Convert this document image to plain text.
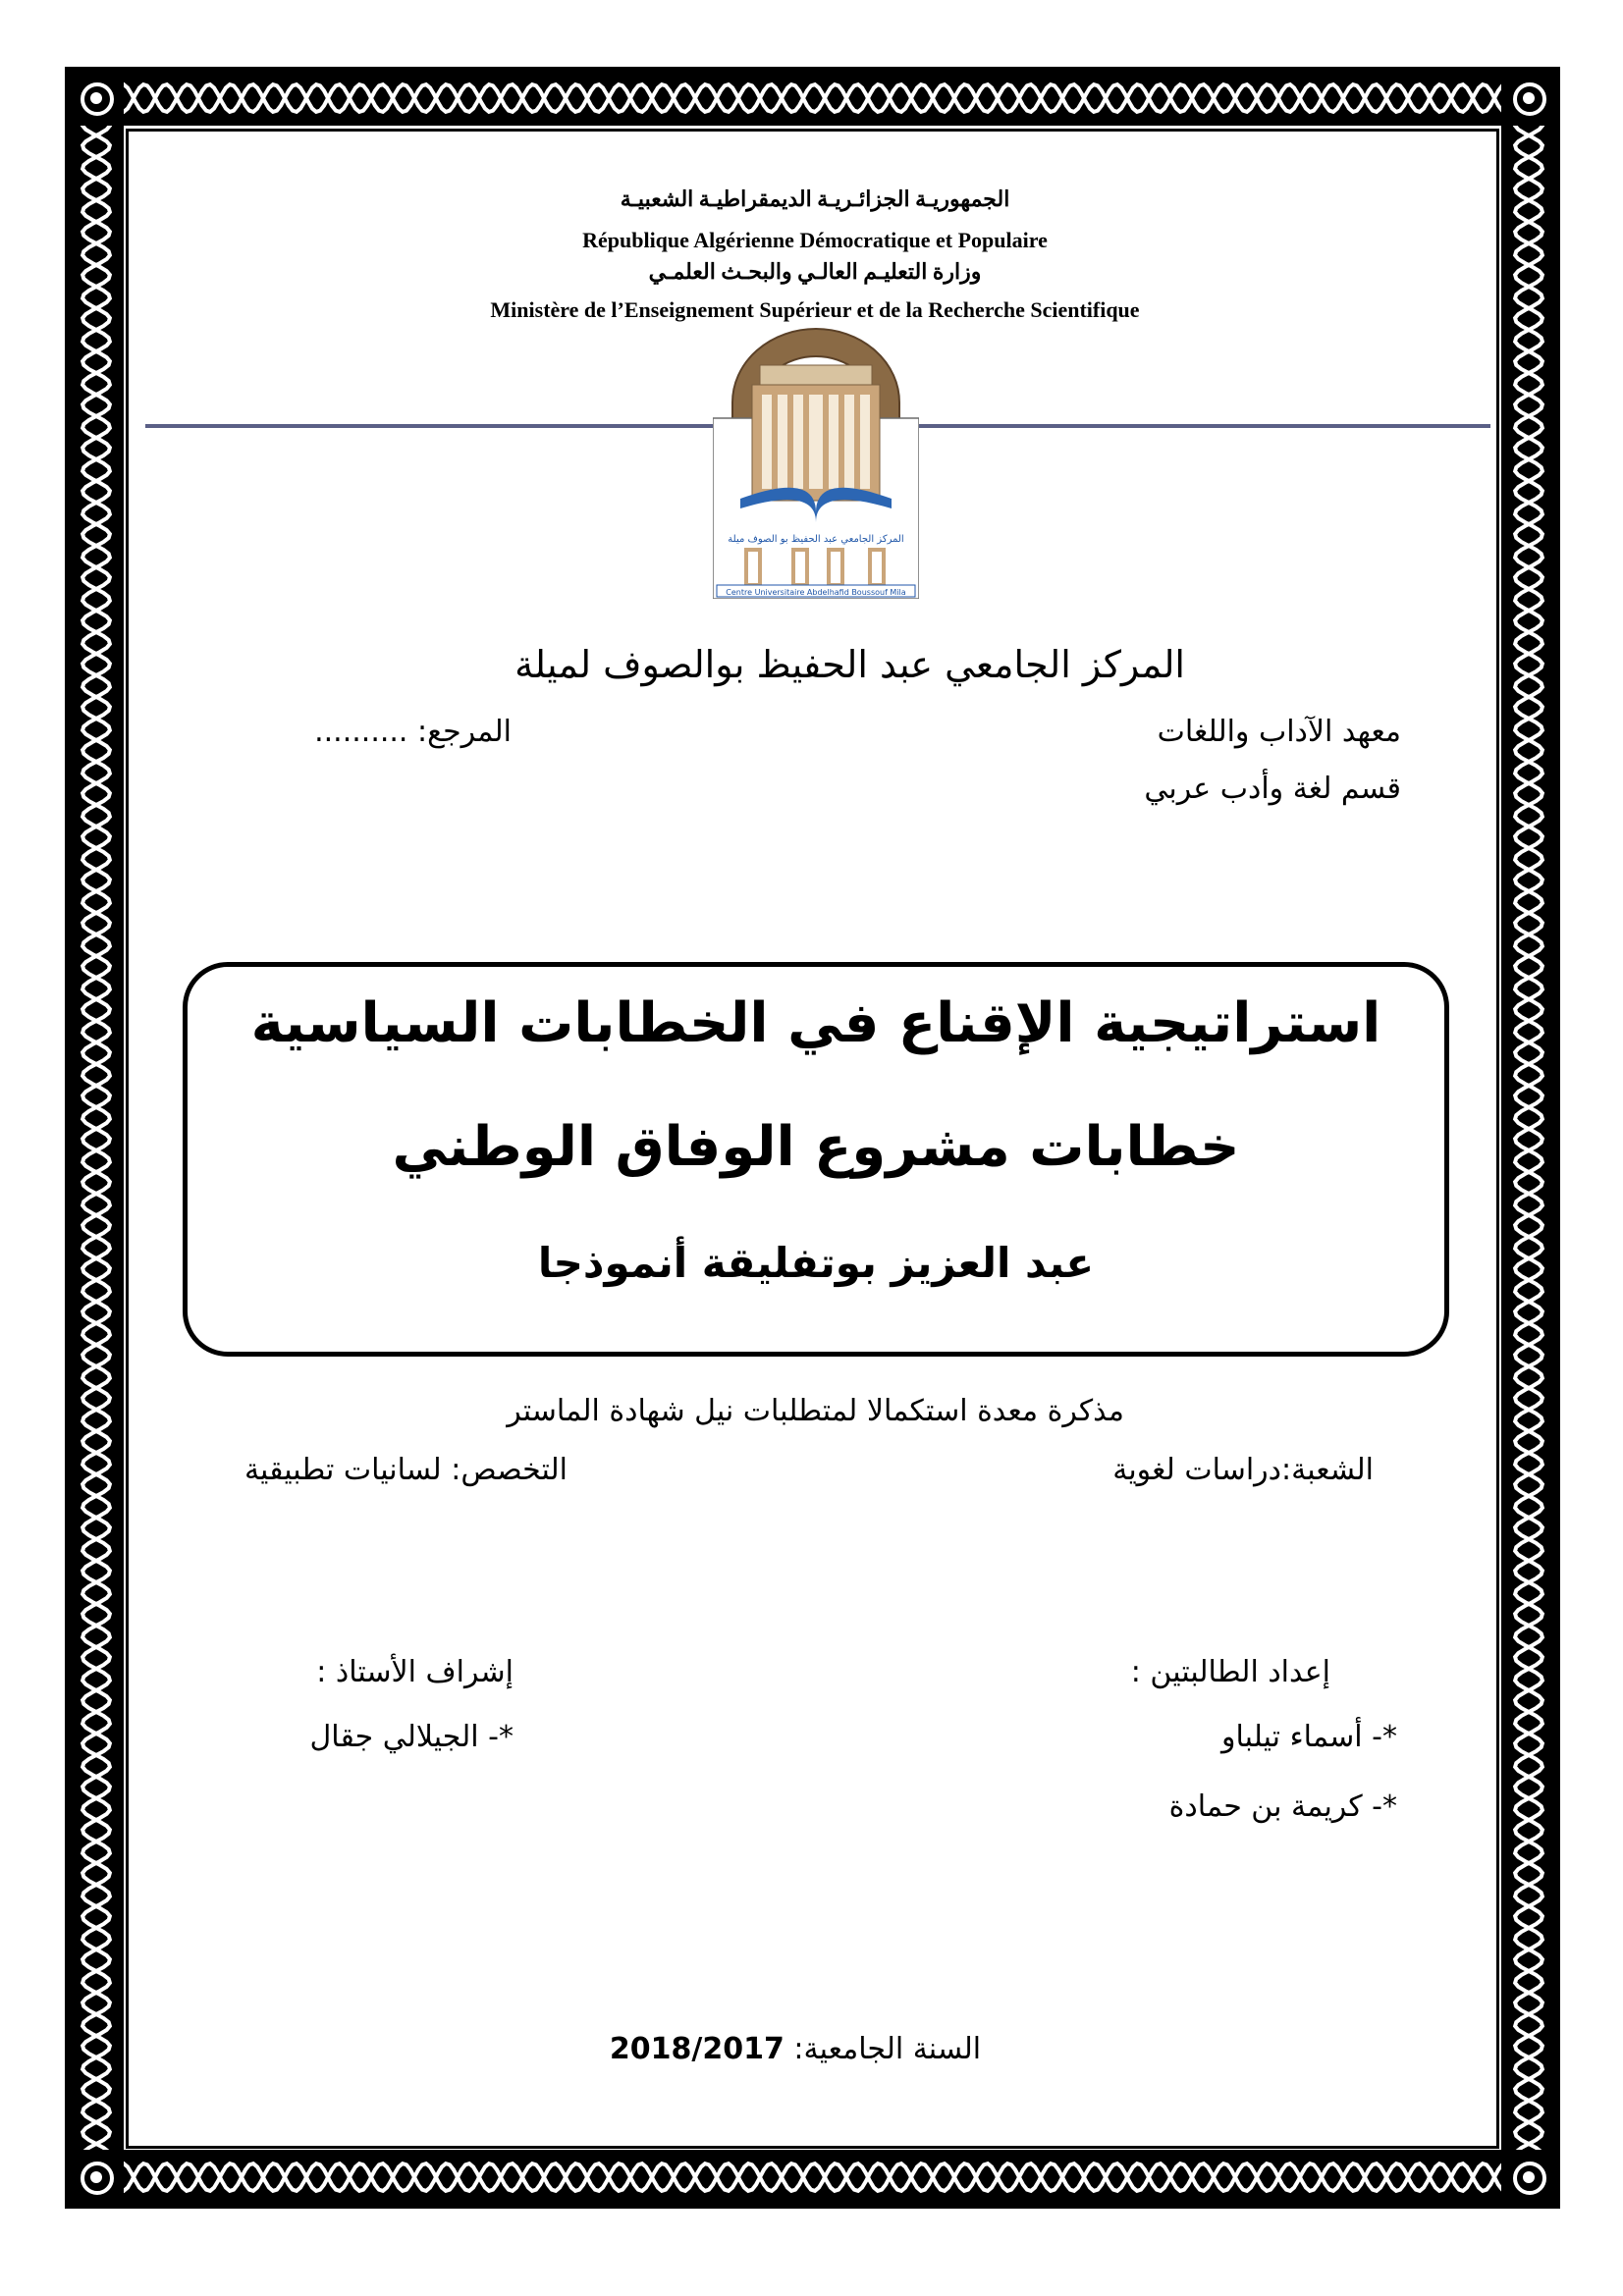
الجمهوريـة الجزائـريـة الديمقراطيـة الشعبيـة
République Algérienne Démocratique et Populaire
وزارة التعليـم العالـي والبحـث العلمـي
Ministère de l’Enseignement Supérieur et de la Recherche Scientifique
المركز الجامعي عبد الحفيظ بو الصوف ميلة
Centre Universitaire Abdelhafid Boussouf Mila
المركز الجامعي عبد الحفيظ بوالصوف لميلة
معهد الآداب واللغات
المرجع: ..........
قسم لغة وأدب عربي
استراتيجية الإقناع في الخطابات السياسية
خطابات مشروع الوفاق الوطني
عبد العزيز بوتفليقة أنموذجا
مذكرة معدة استكمالا لمتطلبات نيل شهادة الماستر
الشعبة:دراسات لغوية
التخصص: لسانيات تطبيقية
إعداد الطالبتين :
*- أسماء تيلباو
*- كريمة بن حمادة
إشراف الأستاذ :
*- الجيلالي جقال
السنة الجامعية: 2018/2017
